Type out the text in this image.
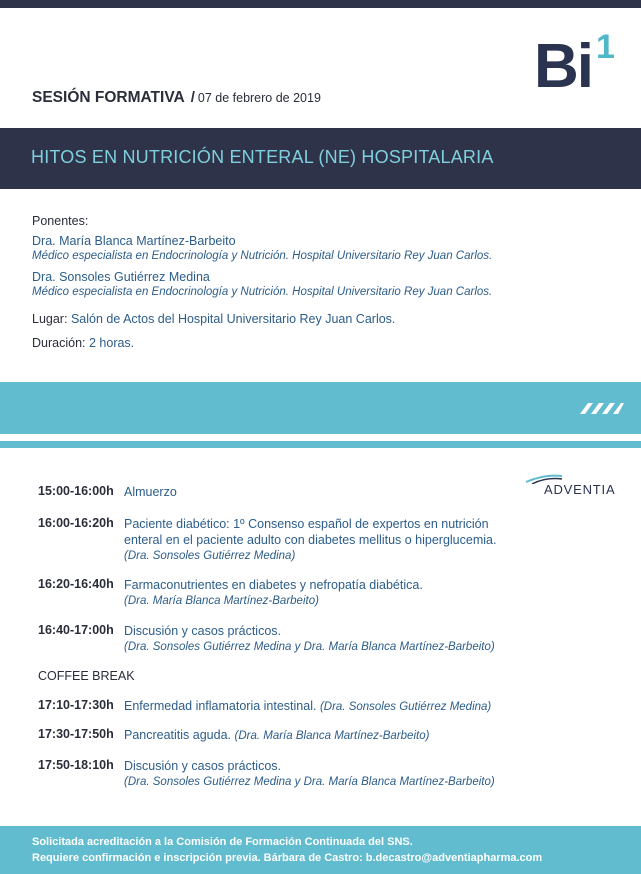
Bi 1
SESIÓN FORMATIVA / 07 de febrero de 2019
HITOS EN NUTRICIÓN ENTERAL (NE) HOSPITALARIA
Ponentes:
Dra. María Blanca Martínez-Barbeito
Médico especialista en Endocrinología y Nutrición. Hospital Universitario Rey Juan Carlos.
Dra. Sonsoles Gutiérrez Medina
Médico especialista en Endocrinología y Nutrición. Hospital Universitario Rey Juan Carlos.
Lugar: Salón de Actos del Hospital Universitario Rey Juan Carlos.
Duración: 2 horas.
ADVENTIA
15:00-16:00h Almuerzo
16:00-16:20h Paciente diabético: 1º Consenso español de expertos en nutrición
enteral en el paciente adulto con diabetes mellitus o hiperglucemia.
(Dra. Sonsoles Gutiérrez Medina)
16:20-16:40h Farmaconutrientes en diabetes y nefropatía diabética.
(Dra. María Blanca Martínez-Barbeito)
16:40-17:00h Discusión y casos prácticos.
(Dra. Sonsoles Gutiérrez Medina y Dra. María Blanca Martínez-Barbeito)
COFFEE BREAK
17:10-17:30h Enfermedad inflamatoria intestinal. (Dra. Sonsoles Gutiérrez Medina)
17:30-17:50h Pancreatitis aguda. (Dra. María Blanca Martínez-Barbeito)
17:50-18:10h Discusión y casos prácticos.
(Dra. Sonsoles Gutiérrez Medina y Dra. María Blanca Martínez-Barbeito)
Solicitada acreditación a la Comisión de Formación Continuada del SNS.
Requiere confirmación e inscripción previa. Bárbara de Castro: b.decastro@adventiapharma.com
